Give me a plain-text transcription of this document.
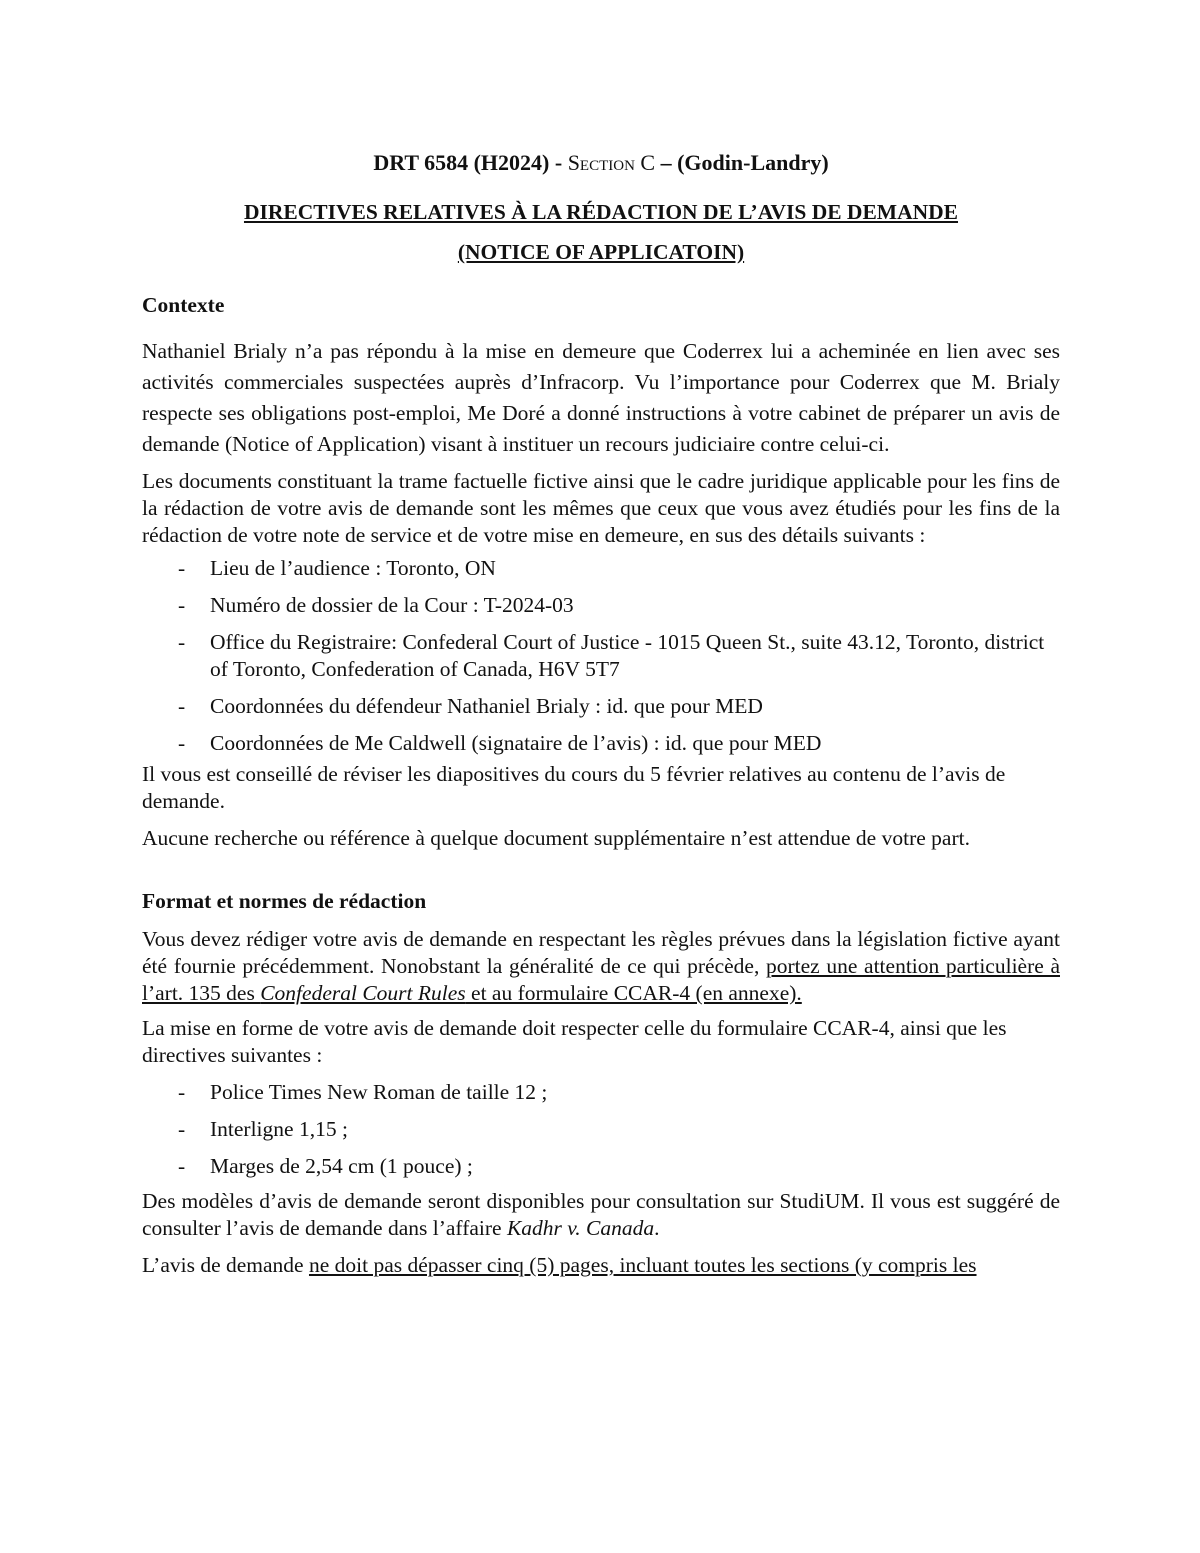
DRT 6584 (H2024) - Section C – (Godin-Landry)
DIRECTIVES RELATIVES À LA RÉDACTION DE L’AVIS DE DEMANDE
(NOTICE OF APPLICATOIN)
Contexte

Nathaniel Brialy n’a pas répondu à la mise en demeure que Coderrex lui a acheminée en lien avec ses activités commerciales suspectées auprès d’Infracorp. Vu l’importance pour Coderrex que M. Brialy respecte ses obligations post-emploi, Me Doré a donné instructions à votre cabinet de préparer un avis de demande (Notice of Application) visant à instituer un recours judiciaire contre celui-ci.

Les documents constituant la trame factuelle fictive ainsi que le cadre juridique applicable pour les fins de la rédaction de votre avis de demande sont les mêmes que ceux que vous avez étudiés pour les fins de la rédaction de votre note de service et de votre mise en demeure, en sus des détails suivants :

- Lieu de l’audience : Toronto, ON
- Numéro de dossier de la Cour : T-2024-03
- Office du Registraire: Confederal Court of Justice - 1015 Queen St., suite 43.12, Toronto, district of Toronto, Confederation of Canada, H6V 5T7
- Coordonnées du défendeur Nathaniel Brialy : id. que pour MED
- Coordonnées de Me Caldwell (signataire de l’avis) : id. que pour MED

Il vous est conseillé de réviser les diapositives du cours du 5 février relatives au contenu de l’avis de demande.

Aucune recherche ou référence à quelque document supplémentaire n’est attendue de votre part.

Format et normes de rédaction

Vous devez rédiger votre avis de demande en respectant les règles prévues dans la législation fictive ayant été fournie précédemment. Nonobstant la généralité de ce qui précède, portez une attention particulière à l’art. 135 des Confederal Court Rules et au formulaire CCAR-4 (en annexe).

La mise en forme de votre avis de demande doit respecter celle du formulaire CCAR-4, ainsi que les directives suivantes :

- Police Times New Roman de taille 12 ;
- Interligne 1,15 ;
- Marges de 2,54 cm (1 pouce) ;

Des modèles d’avis de demande seront disponibles pour consultation sur StudiUM. Il vous est suggéré de consulter l’avis de demande dans l’affaire Kadhr v. Canada.

L’avis de demande ne doit pas dépasser cinq (5) pages, incluant toutes les sections (y compris les
